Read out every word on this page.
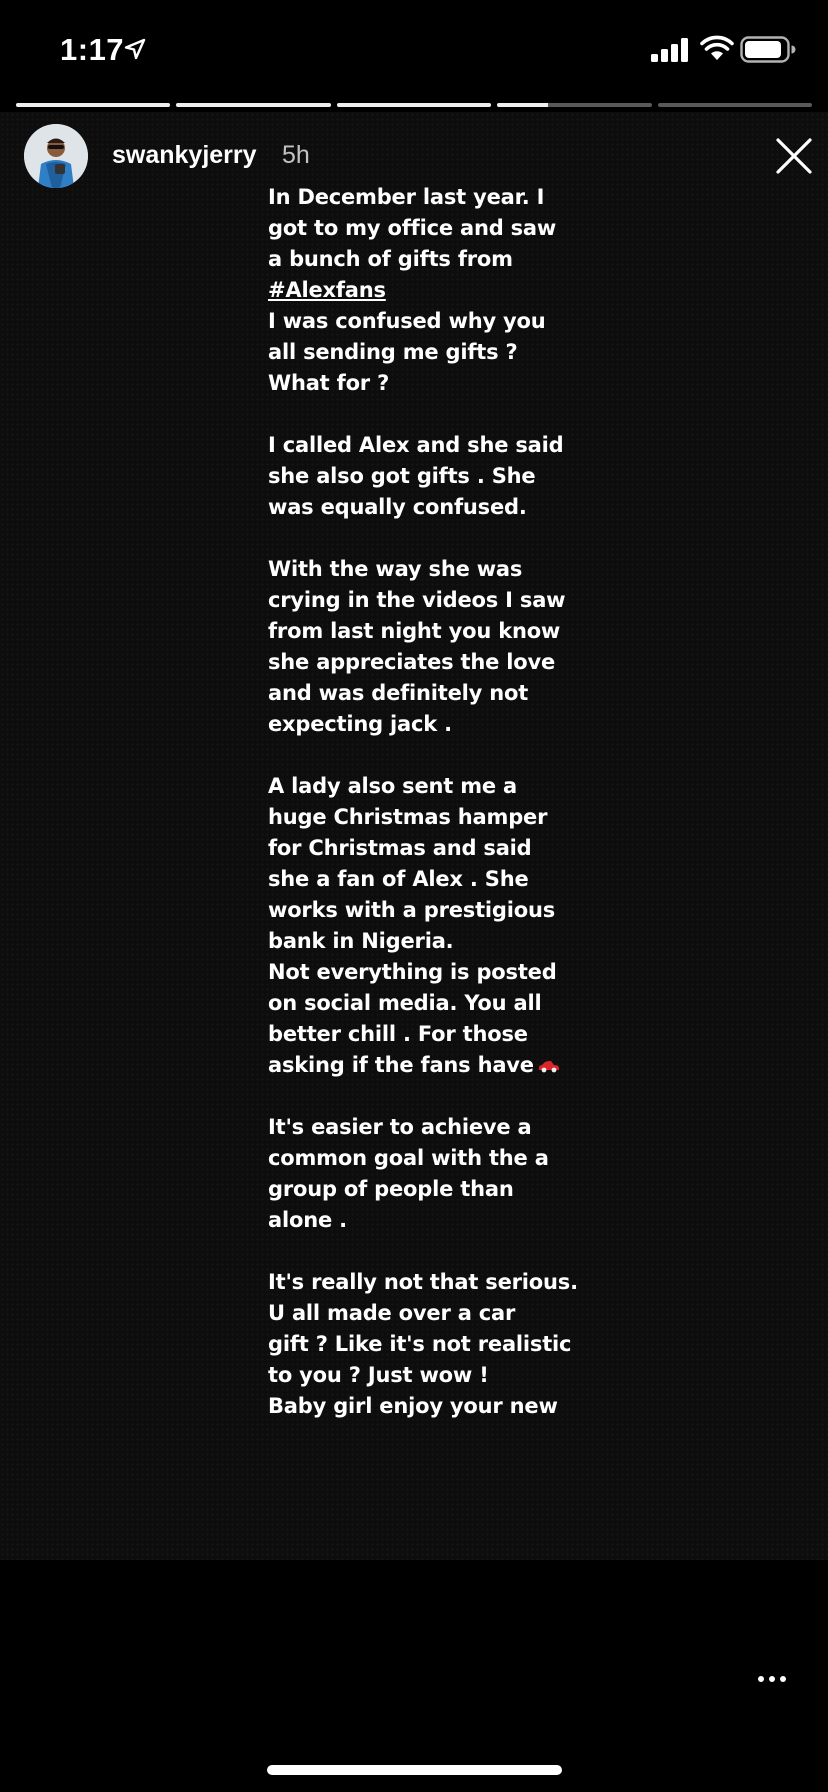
1:17
swankyjerry 5h

In December last year. I

got to my office and saw

a bunch of gifts from

#Alexfans

I was confused why you

all sending me gifts ?

What for ?

I called Alex and she said

she also got gifts . She

was equally confused.

With the way she was

crying in the videos I saw

from last night you know

she appreciates the love

and was definitely not

expecting jack .

A lady also sent me a

huge Christmas hamper

for Christmas and said

she a fan of Alex . She

works with a prestigious

bank in Nigeria.

Not everything is posted

on social media. You all

better chill . For those

asking if the fans have

It's easier to achieve a

common goal with the a

group of people than

alone .

It's really not that serious.

U all made over a car

gift ? Like it's not realistic

to you ? Just wow !

Baby girl enjoy your new
